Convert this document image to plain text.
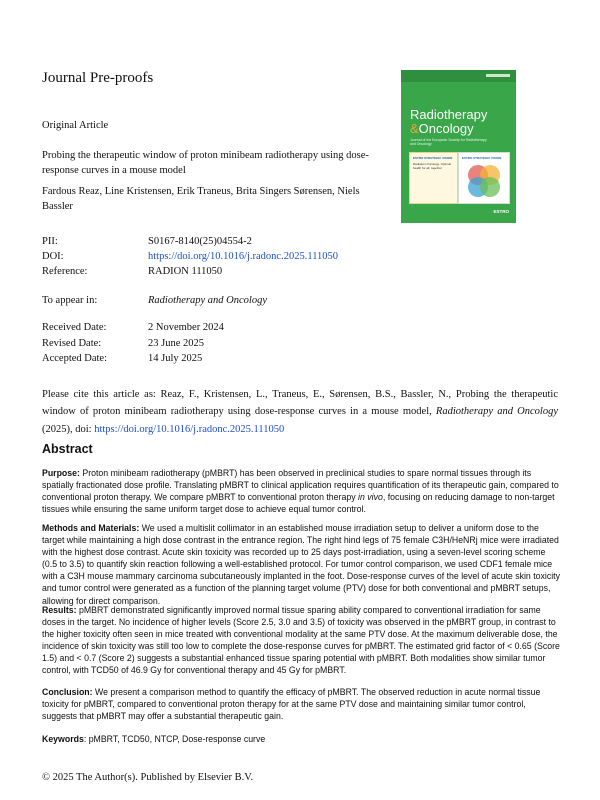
Journal Pre-proofs
Original Article
Probing the therapeutic window of proton minibeam radiotherapy using dose-response curves in a mouse model
Fardous Reaz, Line Kristensen, Erik Traneus, Brita Singers Sørensen, Niels Bassler
PII:	S0167-8140(25)04554-2
DOI:	https://doi.org/10.1016/j.radonc.2025.111050
Reference:	RADION 111050
To appear in:	Radiotherapy and Oncology
Received Date:	2 November 2024
Revised Date:	23 June 2025
Accepted Date:	14 July 2025
Radiotherapy
&Oncology
Journal of the European Society for Radiotherapy and Oncology
ESTRO STRATEGIC VISION
Radiation Oncology. Optimal health for all, together
ESTRO STRATEGIC VISION
ESTRO
Please cite this article as: Reaz, F., Kristensen, L., Traneus, E., Sørensen, B.S., Bassler, N., Probing the therapeutic window of proton minibeam radiotherapy using dose-response curves in a mouse model, Radiotherapy and Oncology (2025), doi: https://doi.org/10.1016/j.radonc.2025.111050
Abstract
Purpose: Proton minibeam radiotherapy (pMBRT) has been observed in preclinical studies to spare normal tissues through its spatially fractionated dose profile. Translating pMBRT to clinical application requires quantification of its therapeutic gain, compared to conventional proton therapy. We compare pMBRT to conventional proton therapy in vivo, focusing on reducing damage to non-target tissues while ensuring the same uniform target dose to achieve equal tumor control.
Methods and Materials: We used a multislit collimator in an established mouse irradiation setup to deliver a uniform dose to the target while maintaining a high dose contrast in the entrance region. The right hind legs of 75 female C3H/HeNRj mice were irradiated with the highest dose contrast. Acute skin toxicity was recorded up to 25 days post-irradiation, using a seven-level scoring scheme (0.5 to 3.5) to quantify skin reaction following a well-established protocol. For tumor control comparison, we used CDF1 female mice with a C3H mouse mammary carcinoma subcutaneously implanted in the foot. Dose-response curves of the level of acute skin toxicity and tumor control were generated as a function of the planning target volume (PTV) dose for both conventional and pMBRT setups, allowing for direct comparison.
Results: pMBRT demonstrated significantly improved normal tissue sparing ability compared to conventional irradiation for same doses in the target. No incidence of higher levels (Score 2.5, 3.0 and 3.5) of toxicity was observed in the pMBRT group, in contrast to the higher toxicity often seen in mice treated with conventional modality at the same PTV dose. At the maximum deliverable dose, the incidence of skin toxicity was still too low to complete the dose-response curves for pMBRT. The estimated grid factor of < 0.65 (Score 1.5) and < 0.7 (Score 2) suggests a substantial enhanced tissue sparing potential with pMBRT. Both modalities show similar tumor control, with TCD50 of 46.9 Gy for conventional therapy and 45 Gy for pMBRT.
Conclusion: We present a comparison method to quantify the efficacy of pMBRT. The observed reduction in acute normal tissue toxicity for pMBRT, compared to conventional proton therapy for at the same PTV dose and maintaining similar tumor control, suggests that pMBRT may offer a substantial therapeutic gain.
Keywords: pMBRT, TCD50, NTCP, Dose-response curve
© 2025 The Author(s). Published by Elsevier B.V.
